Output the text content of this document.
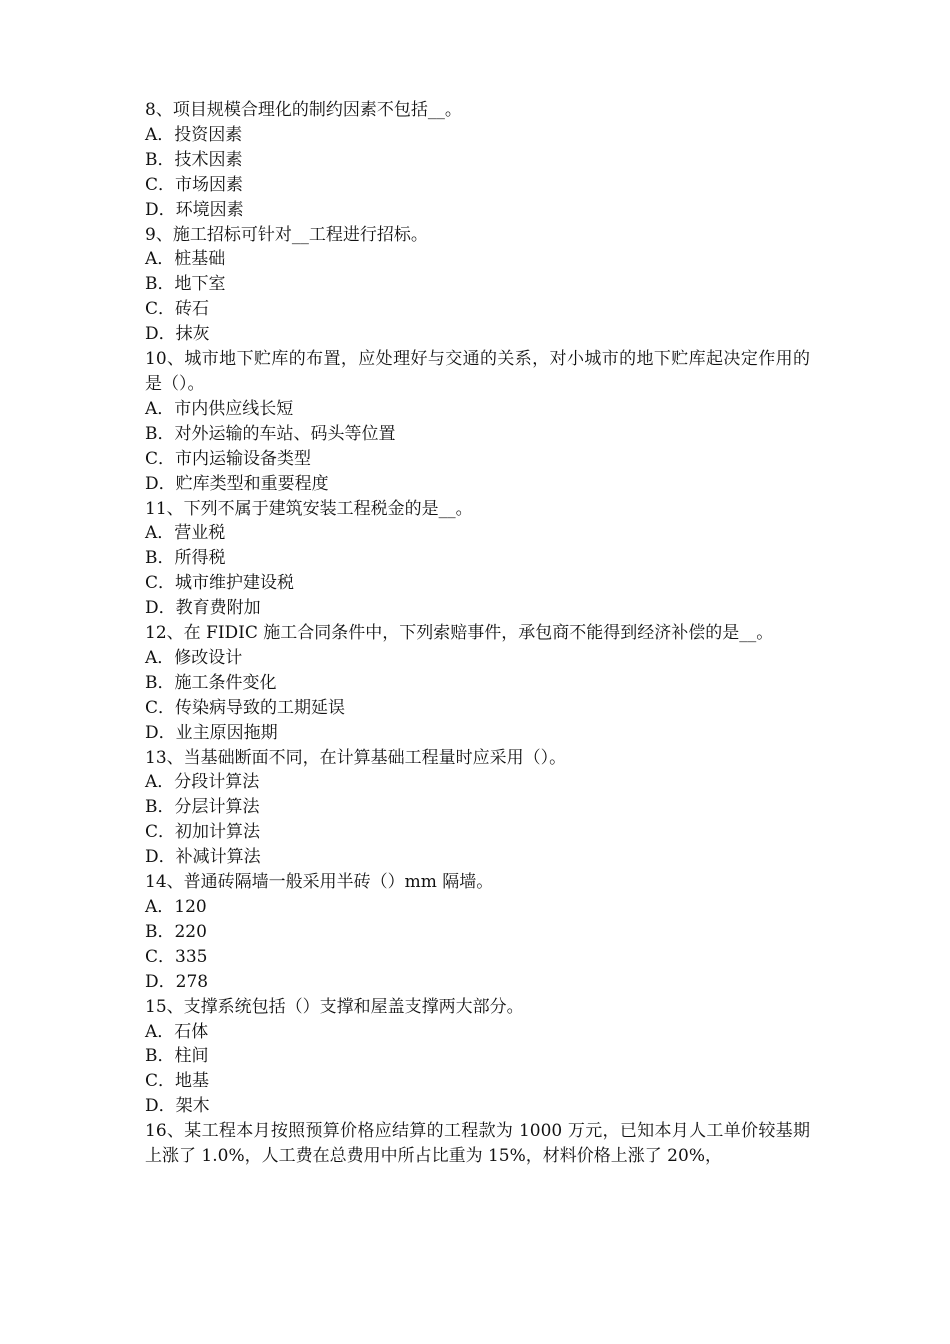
8、项目规模合理化的制约因素不包括__。

A．投资因素

B．技术因素

C．市场因素

D．环境因素

9、施工招标可针对__工程进行招标。

A．桩基础

B．地下室

C．砖石

D．抹灰

10、城市地下贮库的布置，应处理好与交通的关系，对小城市的地下贮库起决定作用的是（）。

A．市内供应线长短

B．对外运输的车站、码头等位置

C．市内运输设备类型

D．贮库类型和重要程度

11、下列不属于建筑安装工程税金的是__。

A．营业税

B．所得税

C．城市维护建设税

D．教育费附加

12、在 FIDIC 施工合同条件中，下列索赔事件，承包商不能得到经济补偿的是__。

A．修改设计

B．施工条件变化

C．传染病导致的工期延误

D．业主原因拖期

13、当基础断面不同，在计算基础工程量时应采用（）。

A．分段计算法

B．分层计算法

C．初加计算法

D．补减计算法

14、普通砖隔墙一般采用半砖（）mm 隔墙。

A．120

B．220

C．335

D．278

15、支撑系统包括（）支撑和屋盖支撑两大部分。

A．石体

B．柱间

C．地基

D．架木

16、某工程本月按照预算价格应结算的工程款为 1000 万元，已知本月人工单价较基期上涨了 1.0%，人工费在总费用中所占比重为 15%，材料价格上涨了 20%，
